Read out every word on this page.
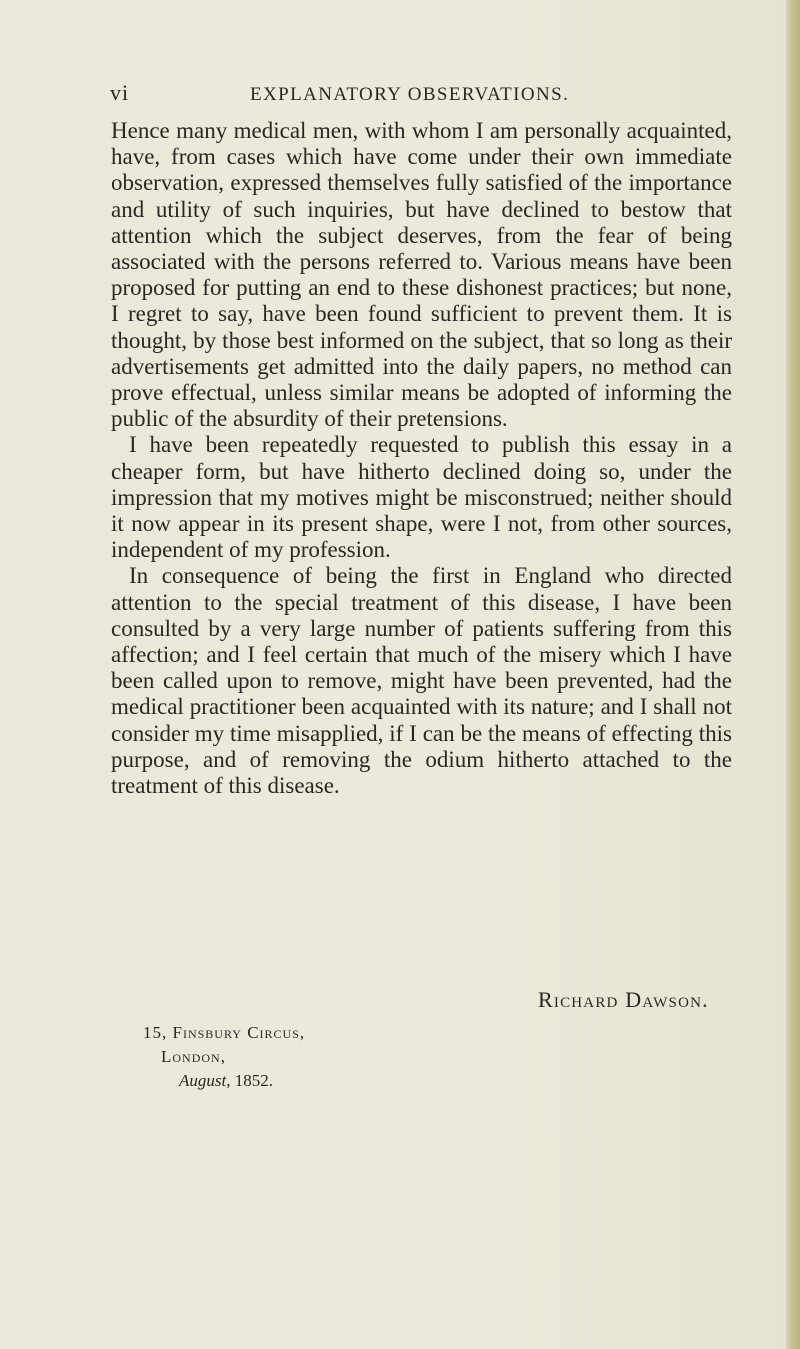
vi	EXPLANATORY OBSERVATIONS.

Hence many medical men, with whom I am personally acquainted, have, from cases which have come under their own immediate observation, expressed themselves fully satisfied of the importance and utility of such inquiries, but have declined to bestow that attention which the subject deserves, from the fear of being associated with the persons referred to. Various means have been proposed for putting an end to these dishonest practices; but none, I regret to say, have been found sufficient to prevent them. It is thought, by those best informed on the subject, that so long as their advertisements get admitted into the daily papers, no method can prove effectual, unless similar means be adopted of informing the public of the absurdity of their pretensions.

I have been repeatedly requested to publish this essay in a cheaper form, but have hitherto declined doing so, under the impression that my motives might be misconstrued; neither should it now appear in its present shape, were I not, from other sources, independent of my profession.

In consequence of being the first in England who directed attention to the special treatment of this disease, I have been consulted by a very large number of patients suffering from this affection; and I feel certain that much of the misery which I have been called upon to remove, might have been prevented, had the medical practitioner been acquainted with its nature; and I shall not consider my time misapplied, if I can be the means of effecting this purpose, and of removing the odium hitherto attached to the treatment of this disease.

Richard Dawson.
15, Finsbury Circus,
London,
August, 1852.
